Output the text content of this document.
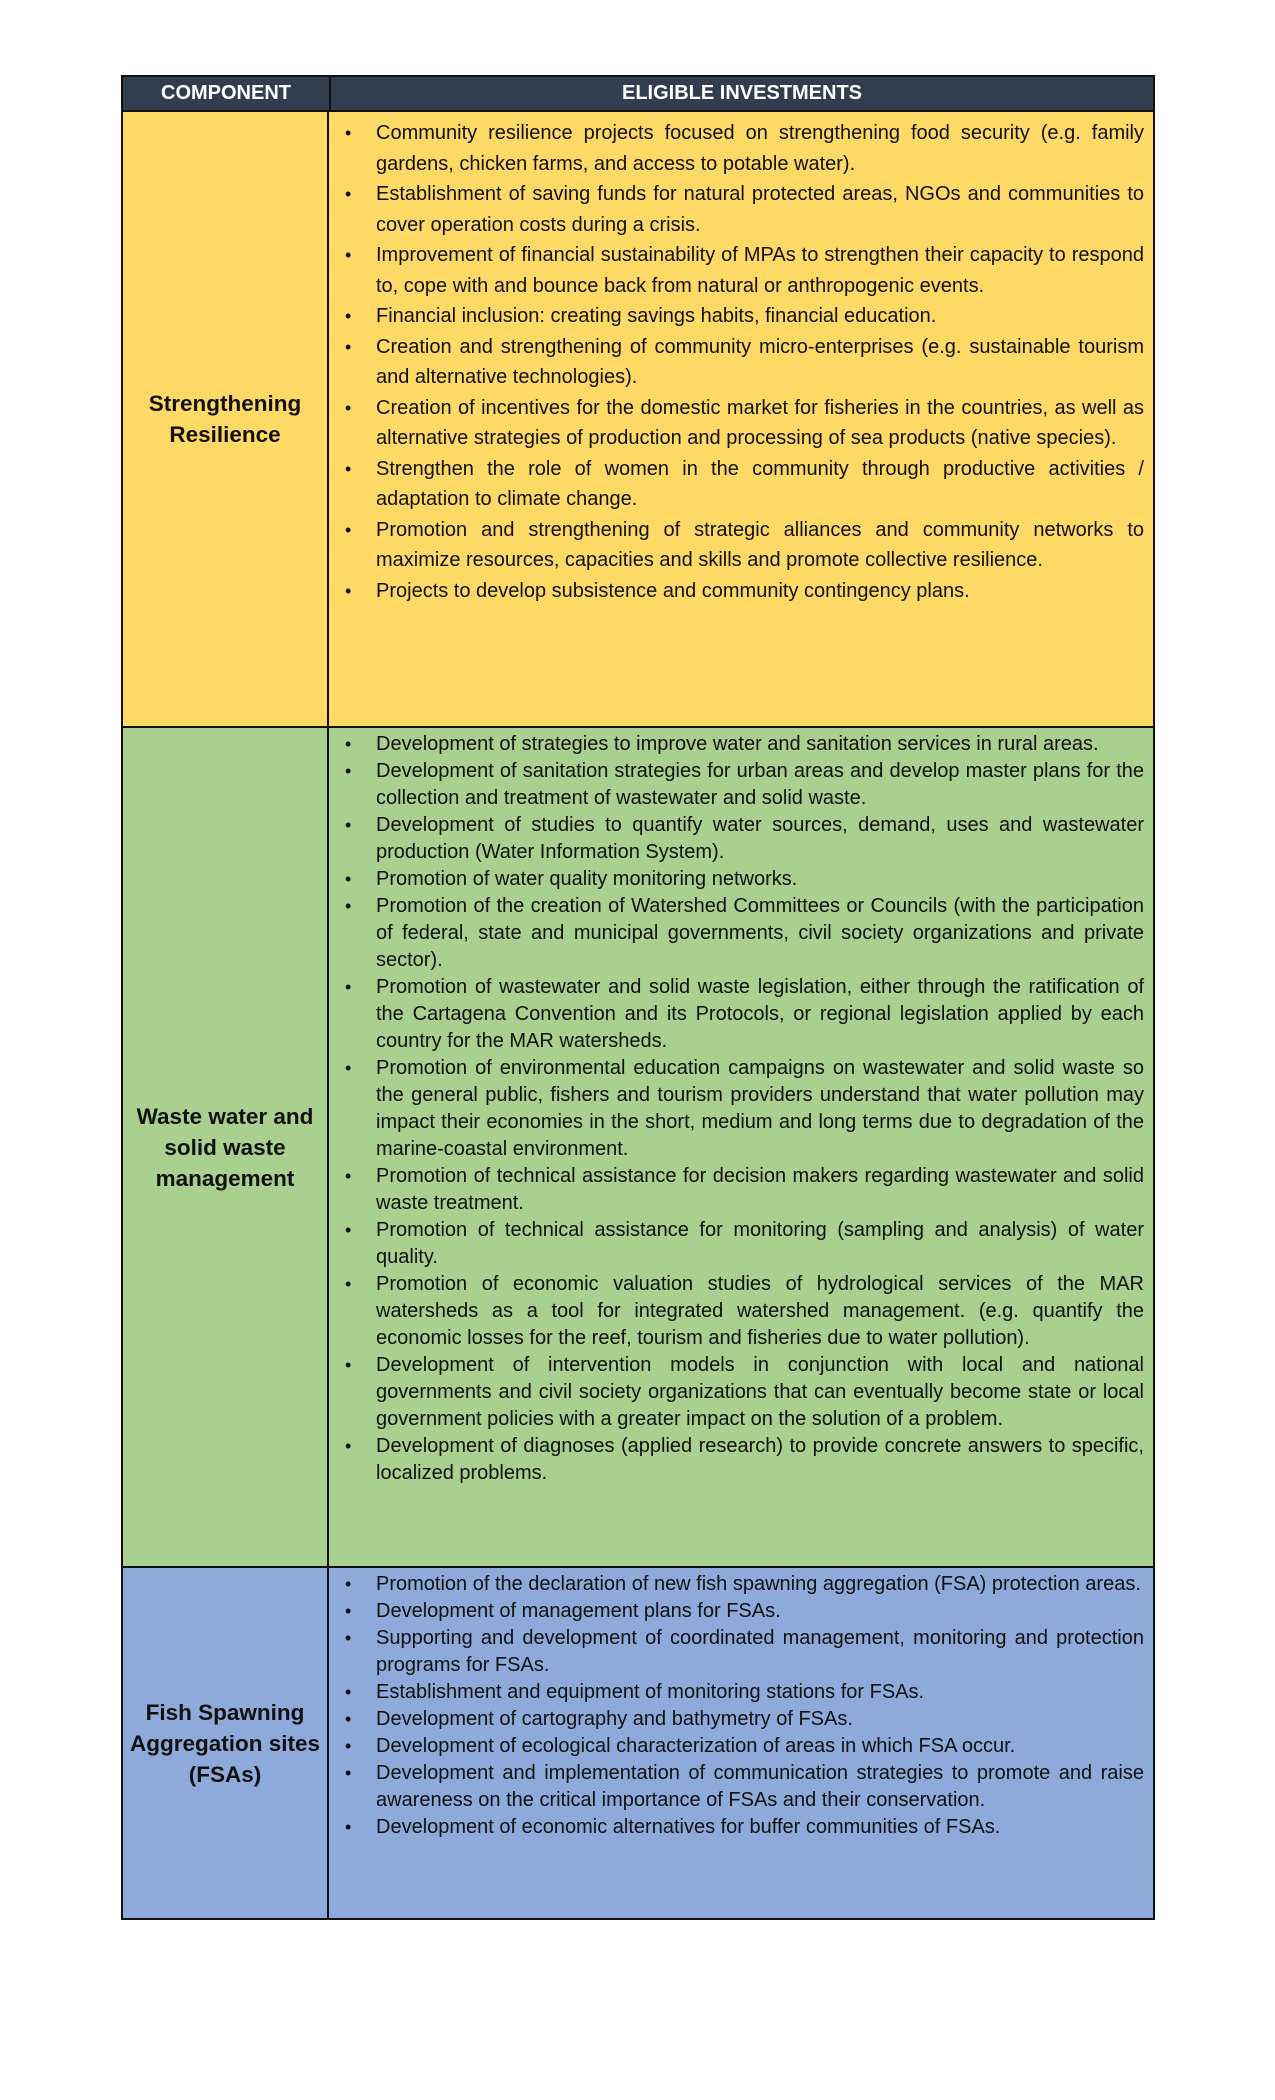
COMPONENT	ELIGIBLE INVESTMENTS
Strengthening Resilience
• Community resilience projects focused on strengthening food security (e.g. family gardens, chicken farms, and access to potable water).
• Establishment of saving funds for natural protected areas, NGOs and communities to cover operation costs during a crisis.
• Improvement of financial sustainability of MPAs to strengthen their capacity to respond to, cope with and bounce back from natural or anthropogenic events.
• Financial inclusion: creating savings habits, financial education.
• Creation and strengthening of community micro-enterprises (e.g. sustainable tourism and alternative technologies).
• Creation of incentives for the domestic market for fisheries in the countries, as well as alternative strategies of production and processing of sea products (native species).
• Strengthen the role of women in the community through productive activities / adaptation to climate change.
• Promotion and strengthening of strategic alliances and community networks to maximize resources, capacities and skills and promote collective resilience.
• Projects to develop subsistence and community contingency plans.
Waste water and solid waste management
• Development of strategies to improve water and sanitation services in rural areas.
• Development of sanitation strategies for urban areas and develop master plans for the collection and treatment of wastewater and solid waste.
• Development of studies to quantify water sources, demand, uses and wastewater production (Water Information System).
• Promotion of water quality monitoring networks.
• Promotion of the creation of Watershed Committees or Councils (with the participation of federal, state and municipal governments, civil society organizations and private sector).
• Promotion of wastewater and solid waste legislation, either through the ratification of the Cartagena Convention and its Protocols, or regional legislation applied by each country for the MAR watersheds.
• Promotion of environmental education campaigns on wastewater and solid waste so the general public, fishers and tourism providers understand that water pollution may impact their economies in the short, medium and long terms due to degradation of the marine-coastal environment.
• Promotion of technical assistance for decision makers regarding wastewater and solid waste treatment.
• Promotion of technical assistance for monitoring (sampling and analysis) of water quality.
• Promotion of economic valuation studies of hydrological services of the MAR watersheds as a tool for integrated watershed management. (e.g. quantify the economic losses for the reef, tourism and fisheries due to water pollution).
• Development of intervention models in conjunction with local and national governments and civil society organizations that can eventually become state or local government policies with a greater impact on the solution of a problem.
• Development of diagnoses (applied research) to provide concrete answers to specific, localized problems.
Fish Spawning Aggregation sites (FSAs)
• Promotion of the declaration of new fish spawning aggregation (FSA) protection areas.
• Development of management plans for FSAs.
• Supporting and development of coordinated management, monitoring and protection programs for FSAs.
• Establishment and equipment of monitoring stations for FSAs.
• Development of cartography and bathymetry of FSAs.
• Development of ecological characterization of areas in which FSA occur.
• Development and implementation of communication strategies to promote and raise awareness on the critical importance of FSAs and their conservation.
• Development of economic alternatives for buffer communities of FSAs.
